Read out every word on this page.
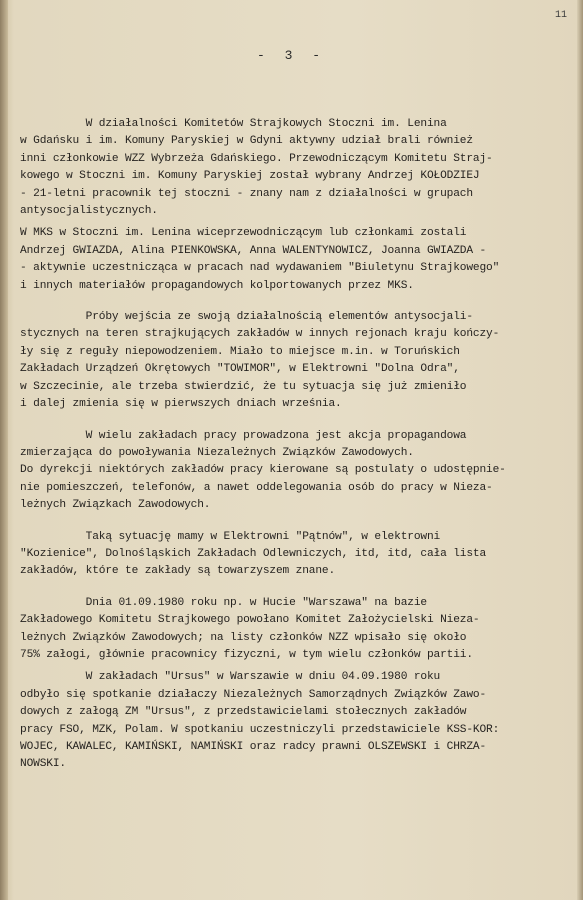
11
- 3 -
W działalności Komitetów Strajkowych Stoczni im. Lenina
w Gdańsku i im. Komuny Paryskiej w Gdyni aktywny udział brali również
inni członkowie WZZ Wybrzeża Gdańskiego. Przewodniczącym Komitetu Straj-
kowego w Stoczni im. Komuny Paryskiej został wybrany Andrzej KOŁODZIEJ
- 21-letni pracownik tej stoczni - znany nam z działalności w grupach
antysocjalistycznych.
W MKS w Stoczni im. Lenina wiceprzewodniczącym lub członkami zostali
Andrzej GWIAZDA, Alina PIENKOWSKA, Anna WALENTYNOWICZ, Joanna GWIAZDA -
- aktywnie uczestnicząca w pracach nad wydawaniem "Biuletynu Strajkowego"
i innych materiałów propagandowych kolportowanych przez MKS.
Próby wejścia ze swoją działalnością elementów antysocjali-
stycznych na teren strajkujących zakładów w innych rejonach kraju kończy-
ły się z reguły niepowodzeniem. Miało to miejsce m.in. w Toruńskich
Zakładach Urządzeń Okrętowych "TOWIMOR", w Elektrowni "Dolna Odra",
w Szczecinie, ale trzeba stwierdzić, że tu sytuacja się już zmieniło
i dalej zmienia się w pierwszych dniach września.
W wielu zakładach pracy prowadzona jest akcja propagandowa
zmierzająca do powoływania Niezależnych Związków Zawodowych.
Do dyrekcji niektórych zakładów pracy kierowane są postulaty o udostępnie-
nie pomieszczeń, telefonów, a nawet oddelegowania osób do pracy w Nieza-
leżnych Związkach Zawodowych.
Taką sytuację mamy w Elektrowni "Pątnów", w elektrowni
"Kozienice", Dolnośląskich Zakładach Odlewniczych, itd, itd, cała lista
zakładów, które te zakłady są towarzyszem znane.
Dnia 01.09.1980 roku np. w Hucie "Warszawa" na bazie
Zakładowego Komitetu Strajkowego powołano Komitet Założycielski Nieza-
leżnych Związków Zawodowych; na listy członków NZZ wpisało się około
75% załogi, głównie pracownicy fizyczni, w tym wielu członków partii.
W zakładach "Ursus" w Warszawie w dniu 04.09.1980 roku
odbyło się spotkanie działaczy Niezależnych Samorządnych Związków Zawo-
dowych z załogą ZM "Ursus", z przedstawicielami stołecznych zakładów
pracy FSO, MZK, Polam. W spotkaniu uczestniczyli przedstawiciele KSS-KOR:
WOJEC, KAWALEC, KAMIŃSKI, NAMIŃSKI oraz radcy prawni OLSZEWSKI i CHRZA-
NOWSKI.
